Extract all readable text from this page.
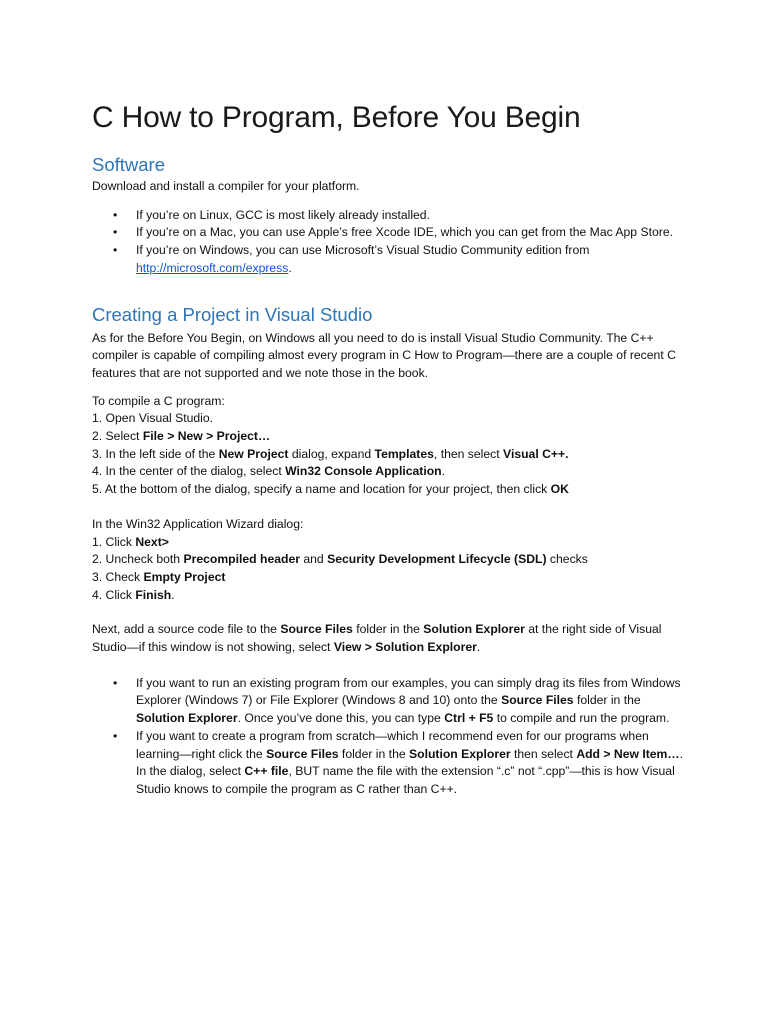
C How to Program, Before You Begin
Software

Download and install a compiler for your platform.

• If you’re on Linux, GCC is most likely already installed.
• If you’re on a Mac, you can use Apple’s free Xcode IDE, which you can get from the Mac App Store.
• If you’re on Windows, you can use Microsoft’s Visual Studio Community edition from http://microsoft.com/express.
Creating a Project in Visual Studio

As for the Before You Begin, on Windows all you need to do is install Visual Studio Community. The C++ compiler is capable of compiling almost every program in C How to Program—there are a couple of recent C features that are not supported and we note those in the book.

To compile a C program:

1. Open Visual Studio.
2. Select File > New > Project…
3. In the left side of the New Project dialog, expand Templates, then select Visual C++.
4. In the center of the dialog, select Win32 Console Application.
5. At the bottom of the dialog, specify a name and location for your project, then click OK

In the Win32 Application Wizard dialog:

1. Click Next>
2. Uncheck both Precompiled header and Security Development Lifecycle (SDL) checks
3. Check Empty Project
4. Click Finish.

Next, add a source code file to the Source Files folder in the Solution Explorer at the right side of Visual Studio—if this window is not showing, select View > Solution Explorer.

• If you want to run an existing program from our examples, you can simply drag its files from Windows Explorer (Windows 7) or File Explorer (Windows 8 and 10) onto the Source Files folder in the Solution Explorer. Once you’ve done this, you can type Ctrl + F5 to compile and run the program.
• If you want to create a program from scratch—which I recommend even for our programs when learning—right click the Source Files folder in the Solution Explorer then select Add > New Item…. In the dialog, select C++ file, BUT name the file with the extension “.c” not “.cpp”—this is how Visual Studio knows to compile the program as C rather than C++.
